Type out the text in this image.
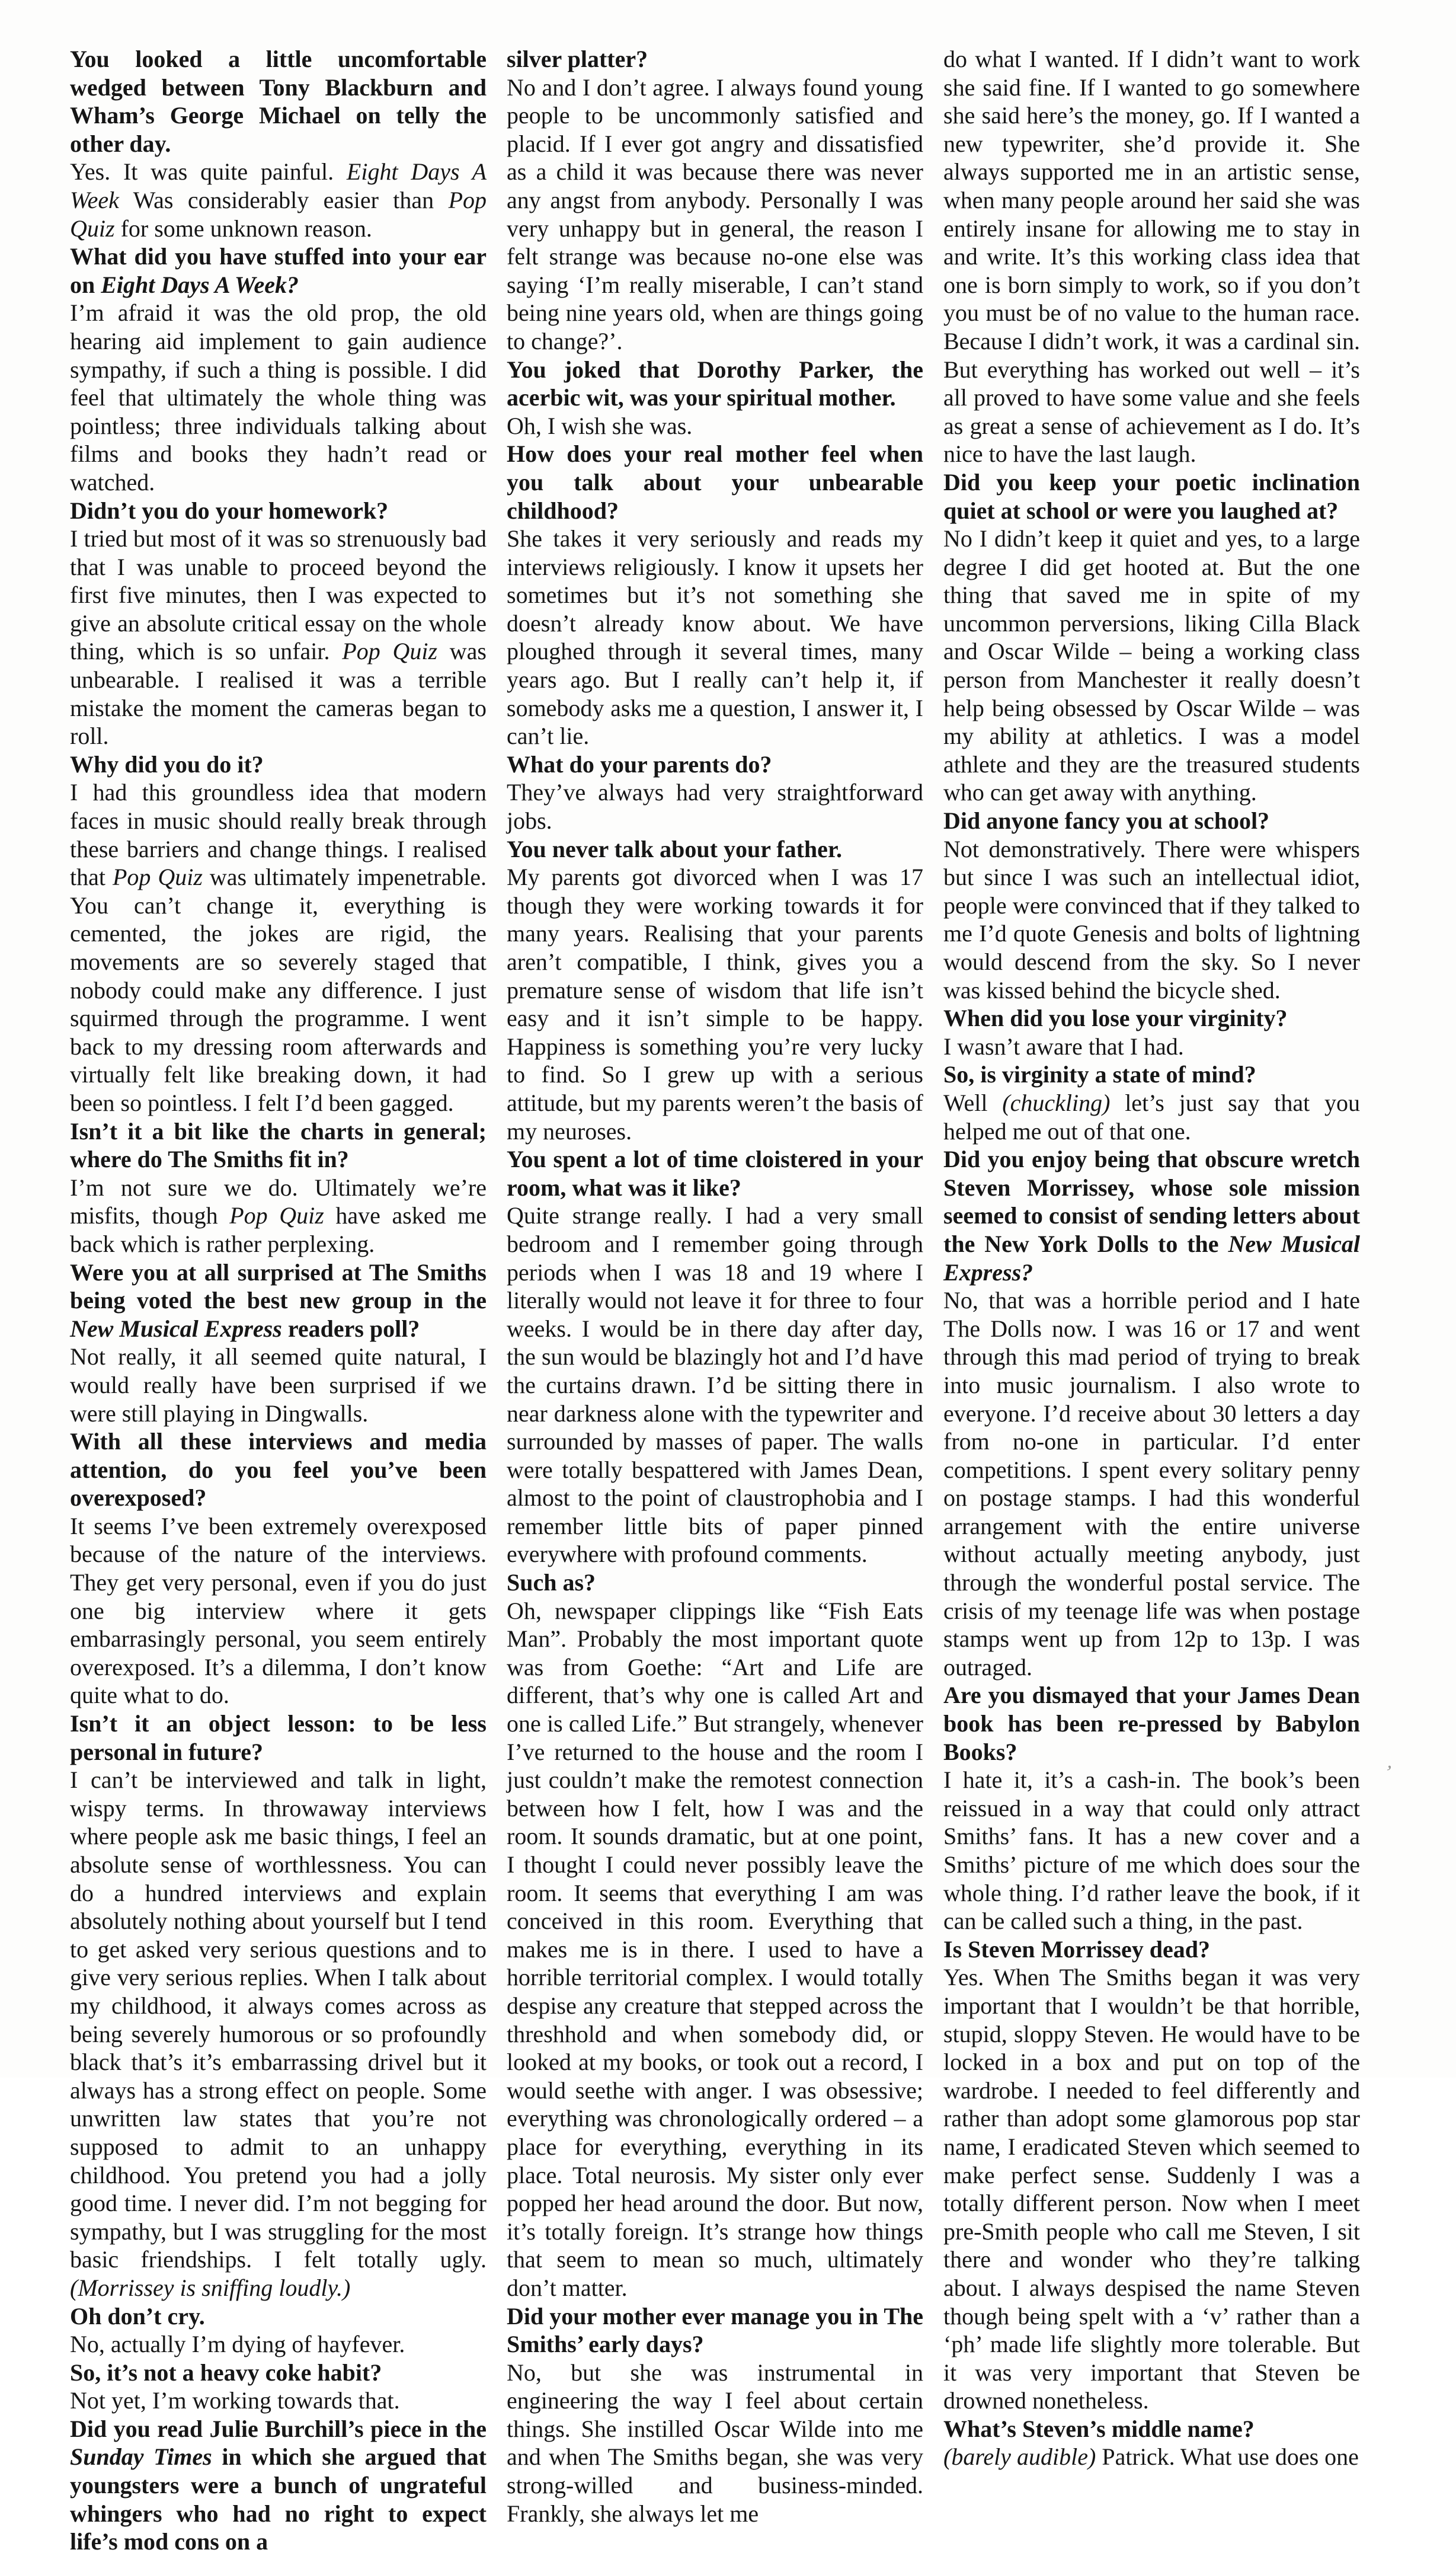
You looked a little uncomfortable wedged between Tony Blackburn and Wham’s George Michael on telly the other day.

Yes. It was quite painful. Eight Days A Week Was considerably easier than Pop Quiz for some unknown reason.

What did you have stuffed into your ear on Eight Days A Week?

I’m afraid it was the old prop, the old hearing aid implement to gain audience sympathy, if such a thing is possible. I did feel that ultimately the whole thing was pointless; three individuals talking about films and books they hadn’t read or watched.

Didn’t you do your homework?

I tried but most of it was so strenuously bad that I was unable to proceed beyond the first five minutes, then I was expected to give an absolute critical essay on the whole thing, which is so unfair. Pop Quiz was unbearable. I realised it was a terrible mistake the moment the cameras began to roll.

Why did you do it?

I had this groundless idea that modern faces in music should really break through these barriers and change things. I realised that Pop Quiz was ultimately impenetrable. You can’t change it, everything is cemented, the jokes are rigid, the movements are so severely staged that nobody could make any difference. I just squirmed through the programme. I went back to my dressing room afterwards and virtually felt like breaking down, it had been so pointless. I felt I’d been gagged.

Isn’t it a bit like the charts in general; where do The Smiths fit in?

I’m not sure we do. Ultimately we’re misfits, though Pop Quiz have asked me back which is rather perplexing.

Were you at all surprised at The Smiths being voted the best new group in the New Musical Express readers poll?

Not really, it all seemed quite natural, I would really have been surprised if we were still playing in Dingwalls.

With all these interviews and media attention, do you feel you’ve been overexposed?

It seems I’ve been extremely overexposed because of the nature of the interviews. They get very personal, even if you do just one big interview where it gets embarrasingly personal, you seem entirely overexposed. It’s a dilemma, I don’t know quite what to do.

Isn’t it an object lesson: to be less personal in future?

I can’t be interviewed and talk in light, wispy terms. In throwaway interviews where people ask me basic things, I feel an absolute sense of worthlessness. You can do a hundred interviews and explain absolutely nothing about yourself but I tend to get asked very serious questions and to give very serious replies. When I talk about my childhood, it always comes across as being severely humorous or so profoundly black that’s it’s embarrassing drivel but it always has a strong effect on people. Some unwritten law states that you’re not supposed to admit to an unhappy childhood. You pretend you had a jolly good time. I never did. I’m not begging for sympathy, but I was struggling for the most basic friendships. I felt totally ugly. (Morrissey is sniffing loudly.)

Oh don’t cry.

No, actually I’m dying of hayfever.

So, it’s not a heavy coke habit?

Not yet, I’m working towards that.

Did you read Julie Burchill’s piece in the Sunday Times in which she argued that youngsters were a bunch of ungrateful whingers who had no right to expect life’s mod cons on a

silver platter?

No and I don’t agree. I always found young people to be uncommonly satisfied and placid. If I ever got angry and dissatisfied as a child it was because there was never any angst from anybody. Personally I was very unhappy but in general, the reason I felt strange was because no-one else was saying ‘I’m really miserable, I can’t stand being nine years old, when are things going to change?’.

You joked that Dorothy Parker, the acerbic wit, was your spiritual mother.

Oh, I wish she was.

How does your real mother feel when you talk about your unbearable childhood?

She takes it very seriously and reads my interviews religiously. I know it upsets her sometimes but it’s not something she doesn’t already know about. We have ploughed through it several times, many years ago. But I really can’t help it, if somebody asks me a question, I answer it, I can’t lie.

What do your parents do?

They’ve always had very straightforward jobs.

You never talk about your father.

My parents got divorced when I was 17 though they were working towards it for many years. Realising that your parents aren’t compatible, I think, gives you a premature sense of wisdom that life isn’t easy and it isn’t simple to be happy. Happiness is something you’re very lucky to find. So I grew up with a serious attitude, but my parents weren’t the basis of my neuroses.

You spent a lot of time cloistered in your room, what was it like?

Quite strange really. I had a very small bedroom and I remember going through periods when I was 18 and 19 where I literally would not leave it for three to four weeks. I would be in there day after day, the sun would be blazingly hot and I’d have the curtains drawn. I’d be sitting there in near darkness alone with the typewriter and surrounded by masses of paper. The walls were totally bespattered with James Dean, almost to the point of claustrophobia and I remember little bits of paper pinned everywhere with profound comments.

Such as?

Oh, newspaper clippings like “Fish Eats Man”. Probably the most important quote was from Goethe: “Art and Life are different, that’s why one is called Art and one is called Life.” But strangely, whenever I’ve returned to the house and the room I just couldn’t make the remotest connection between how I felt, how I was and the room. It sounds dramatic, but at one point, I thought I could never possibly leave the room. It seems that everything I am was conceived in this room. Everything that makes me is in there. I used to have a horrible territorial complex. I would totally despise any creature that stepped across the threshhold and when somebody did, or looked at my books, or took out a record, I would seethe with anger. I was obsessive; everything was chronologically ordered – a place for everything, everything in its place. Total neurosis. My sister only ever popped her head around the door. But now, it’s totally foreign. It’s strange how things that seem to mean so much, ultimately don’t matter.

Did your mother ever manage you in The Smiths’ early days?

No, but she was instrumental in engineering the way I feel about certain things. She instilled Oscar Wilde into me and when The Smiths began, she was very strong-willed and business-minded. Frankly, she always let me

do what I wanted. If I didn’t want to work she said fine. If I wanted to go somewhere she said here’s the money, go. If I wanted a new typewriter, she’d provide it. She always supported me in an artistic sense, when many people around her said she was entirely insane for allowing me to stay in and write. It’s this working class idea that one is born simply to work, so if you don’t you must be of no value to the human race. Because I didn’t work, it was a cardinal sin. But everything has worked out well – it’s all proved to have some value and she feels as great a sense of achievement as I do. It’s nice to have the last laugh.

Did you keep your poetic inclination quiet at school or were you laughed at?

No I didn’t keep it quiet and yes, to a large degree I did get hooted at. But the one thing that saved me in spite of my uncommon perversions, liking Cilla Black and Oscar Wilde – being a working class person from Manchester it really doesn’t help being obsessed by Oscar Wilde – was my ability at athletics. I was a model athlete and they are the treasured students who can get away with anything.

Did anyone fancy you at school?

Not demonstratively. There were whispers but since I was such an intellectual idiot, people were convinced that if they talked to me I’d quote Genesis and bolts of lightning would descend from the sky. So I never was kissed behind the bicycle shed.

When did you lose your virginity?

I wasn’t aware that I had.

So, is virginity a state of mind?

Well (chuckling) let’s just say that you helped me out of that one.

Did you enjoy being that obscure wretch Steven Morrissey, whose sole mission seemed to consist of sending letters about the New York Dolls to the New Musical Express?

No, that was a horrible period and I hate The Dolls now. I was 16 or 17 and went through this mad period of trying to break into music journalism. I also wrote to everyone. I’d receive about 30 letters a day from no-one in particular. I’d enter competitions. I spent every solitary penny on postage stamps. I had this wonderful arrangement with the entire universe without actually meeting anybody, just through the wonderful postal service. The crisis of my teenage life was when postage stamps went up from 12p to 13p. I was outraged.

Are you dismayed that your James Dean book has been re-pressed by Babylon Books?

I hate it, it’s a cash-in. The book’s been reissued in a way that could only attract Smiths’ fans. It has a new cover and a Smiths’ picture of me which does sour the whole thing. I’d rather leave the book, if it can be called such a thing, in the past.

Is Steven Morrissey dead?

Yes. When The Smiths began it was very important that I wouldn’t be that horrible, stupid, sloppy Steven. He would have to be locked in a box and put on top of the wardrobe. I needed to feel differently and rather than adopt some glamorous pop star name, I eradicated Steven which seemed to make perfect sense. Suddenly I was a totally different person. Now when I meet pre-Smith people who call me Steven, I sit there and wonder who they’re talking about. I always despised the name Steven though being spelt with a ‘v’ rather than a ‘ph’ made life slightly more tolerable. But it was very important that Steven be drowned nonetheless.

What’s Steven’s middle name?

(barely audible) Patrick. What use does one

ʼ
